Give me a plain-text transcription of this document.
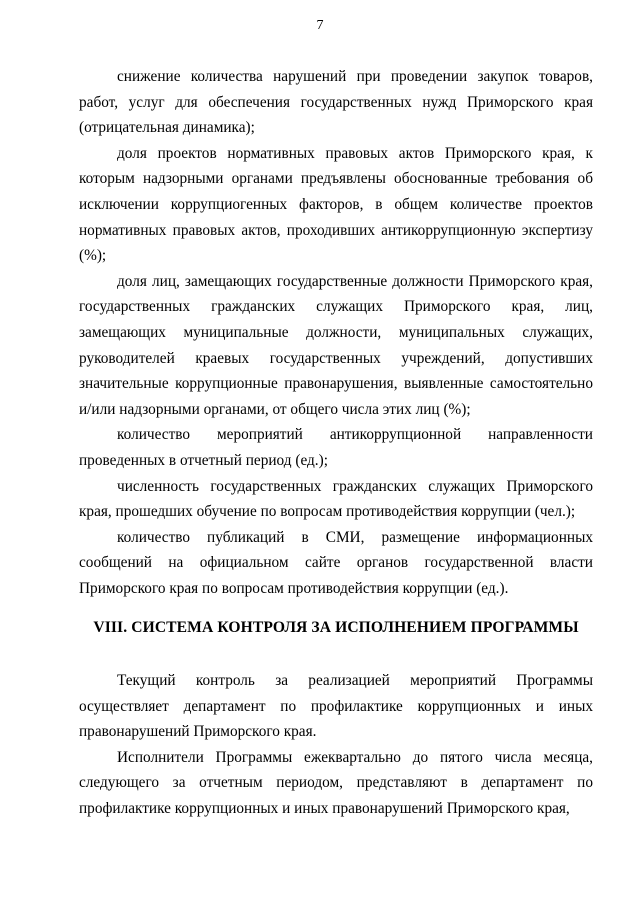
7

снижение количества нарушений при проведении закупок товаров, работ, услуг для обеспечения государственных нужд Приморского края (отрицательная динамика);

доля проектов нормативных правовых актов Приморского края, к которым надзорными органами предъявлены обоснованные требования об исключении коррупциогенных факторов, в общем количестве проектов нормативных правовых актов, проходивших антикоррупционную экспертизу (%);

доля лиц, замещающих государственные должности Приморского края, государственных гражданских служащих Приморского края, лиц, замещающих муниципальные должности, муниципальных служащих, руководителей краевых государственных учреждений, допустивших значительные коррупционные правонарушения, выявленные самостоятельно и/или надзорными органами, от общего числа этих лиц (%);

количество мероприятий антикоррупционной направленности проведенных в отчетный период (ед.);

численность государственных гражданских служащих Приморского края, прошедших обучение по вопросам противодействия коррупции (чел.);

количество публикаций в СМИ, размещение информационных сообщений на официальном сайте органов государственной власти Приморского края по вопросам противодействия коррупции (ед.).

VIII. СИСТЕМА КОНТРОЛЯ ЗА ИСПОЛНЕНИЕМ ПРОГРАММЫ

Текущий контроль за реализацией мероприятий Программы осуществляет департамент по профилактике коррупционных и иных правонарушений Приморского края.

Исполнители Программы ежеквартально до пятого числа месяца, следующего за отчетным периодом, представляют в департамент по профилактике коррупционных и иных правонарушений Приморского края,
